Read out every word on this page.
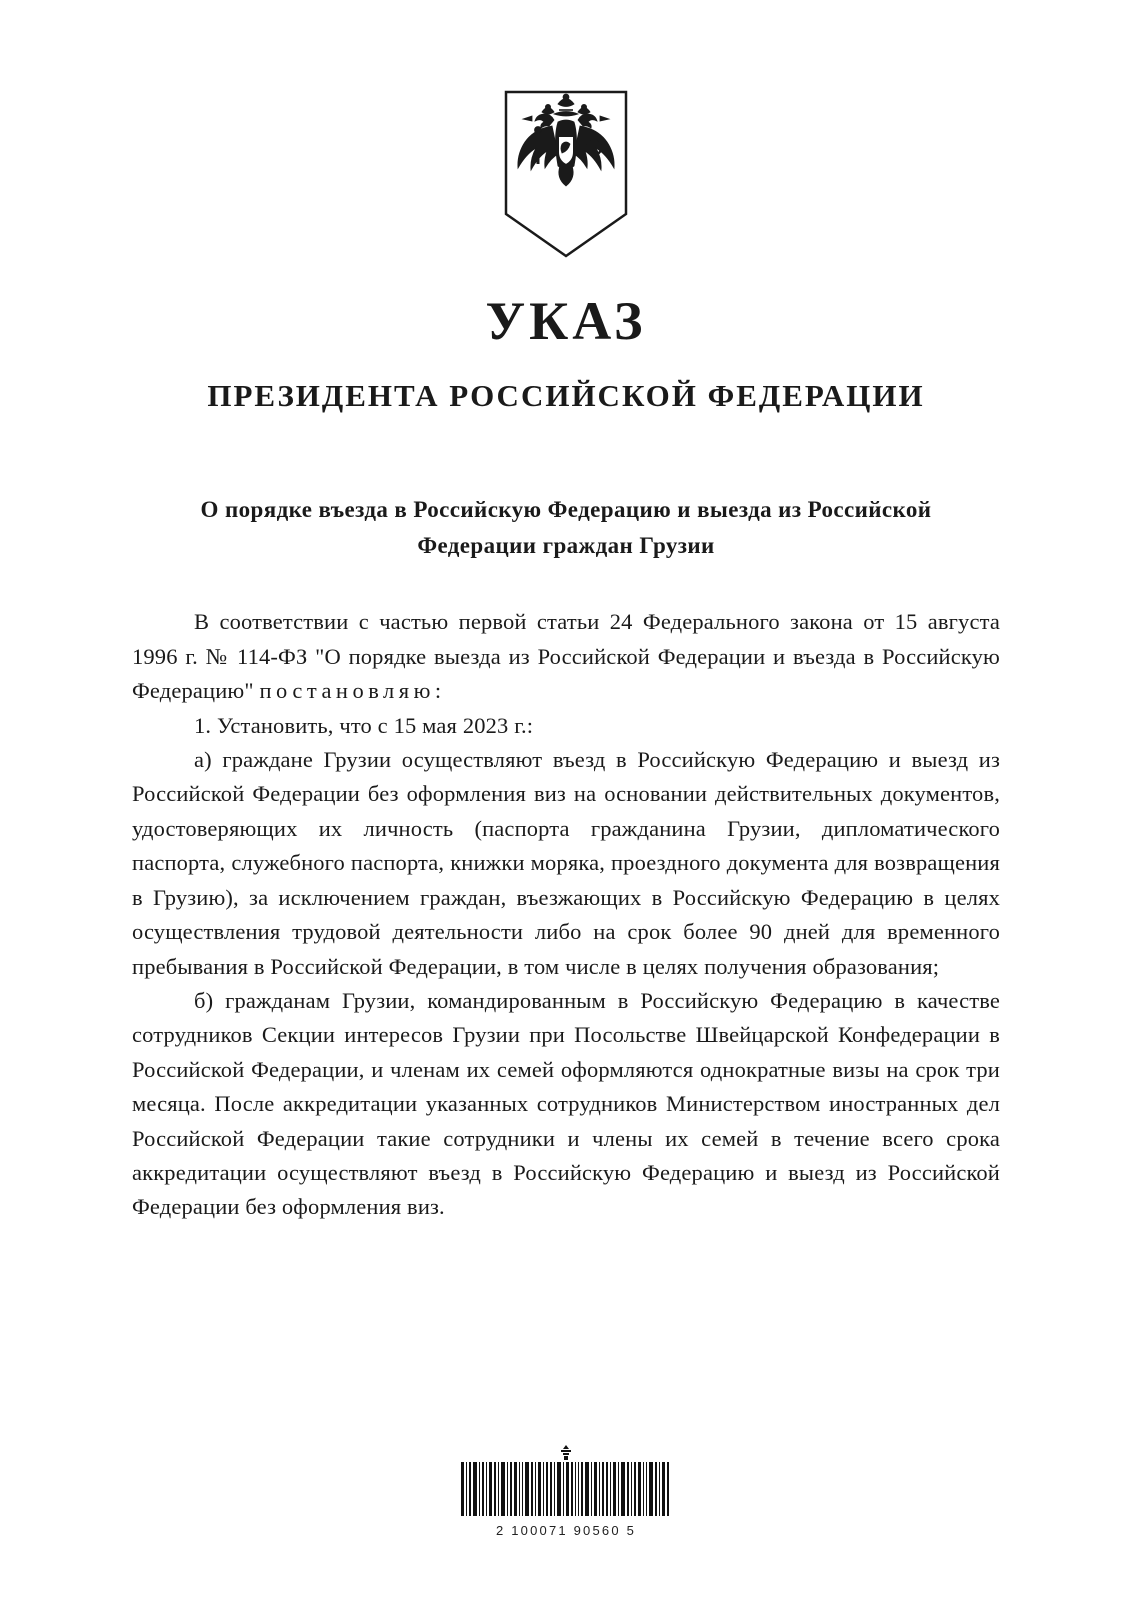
УКАЗ
ПРЕЗИДЕНТА РОССИЙСКОЙ ФЕДЕРАЦИИ
О порядке въезда в Российскую Федерацию и выезда из Российской Федерации граждан Грузии

В соответствии с частью первой статьи 24 Федерального закона от 15 августа 1996 г. № 114-ФЗ "О порядке выезда из Российской Федерации и въезда в Российскую Федерацию" постановляю:

1. Установить, что с 15 мая 2023 г.:

а) граждане Грузии осуществляют въезд в Российскую Федерацию и выезд из Российской Федерации без оформления виз на основании действительных документов, удостоверяющих их личность (паспорта гражданина Грузии, дипломатического паспорта, служебного паспорта, книжки моряка, проездного документа для возвращения в Грузию), за исключением граждан, въезжающих в Российскую Федерацию в целях осуществления трудовой деятельности либо на срок более 90 дней для временного пребывания в Российской Федерации, в том числе в целях получения образования;

б) гражданам Грузии, командированным в Российскую Федерацию в качестве сотрудников Секции интересов Грузии при Посольстве Швейцарской Конфедерации в Российской Федерации, и членам их семей оформляются однократные визы на срок три месяца. После аккредитации указанных сотрудников Министерством иностранных дел Российской Федерации такие сотрудники и члены их семей в течение всего срока аккредитации осуществляют въезд в Российскую Федерацию и выезд из Российской Федерации без оформления виз.

2 100071 90560 5
